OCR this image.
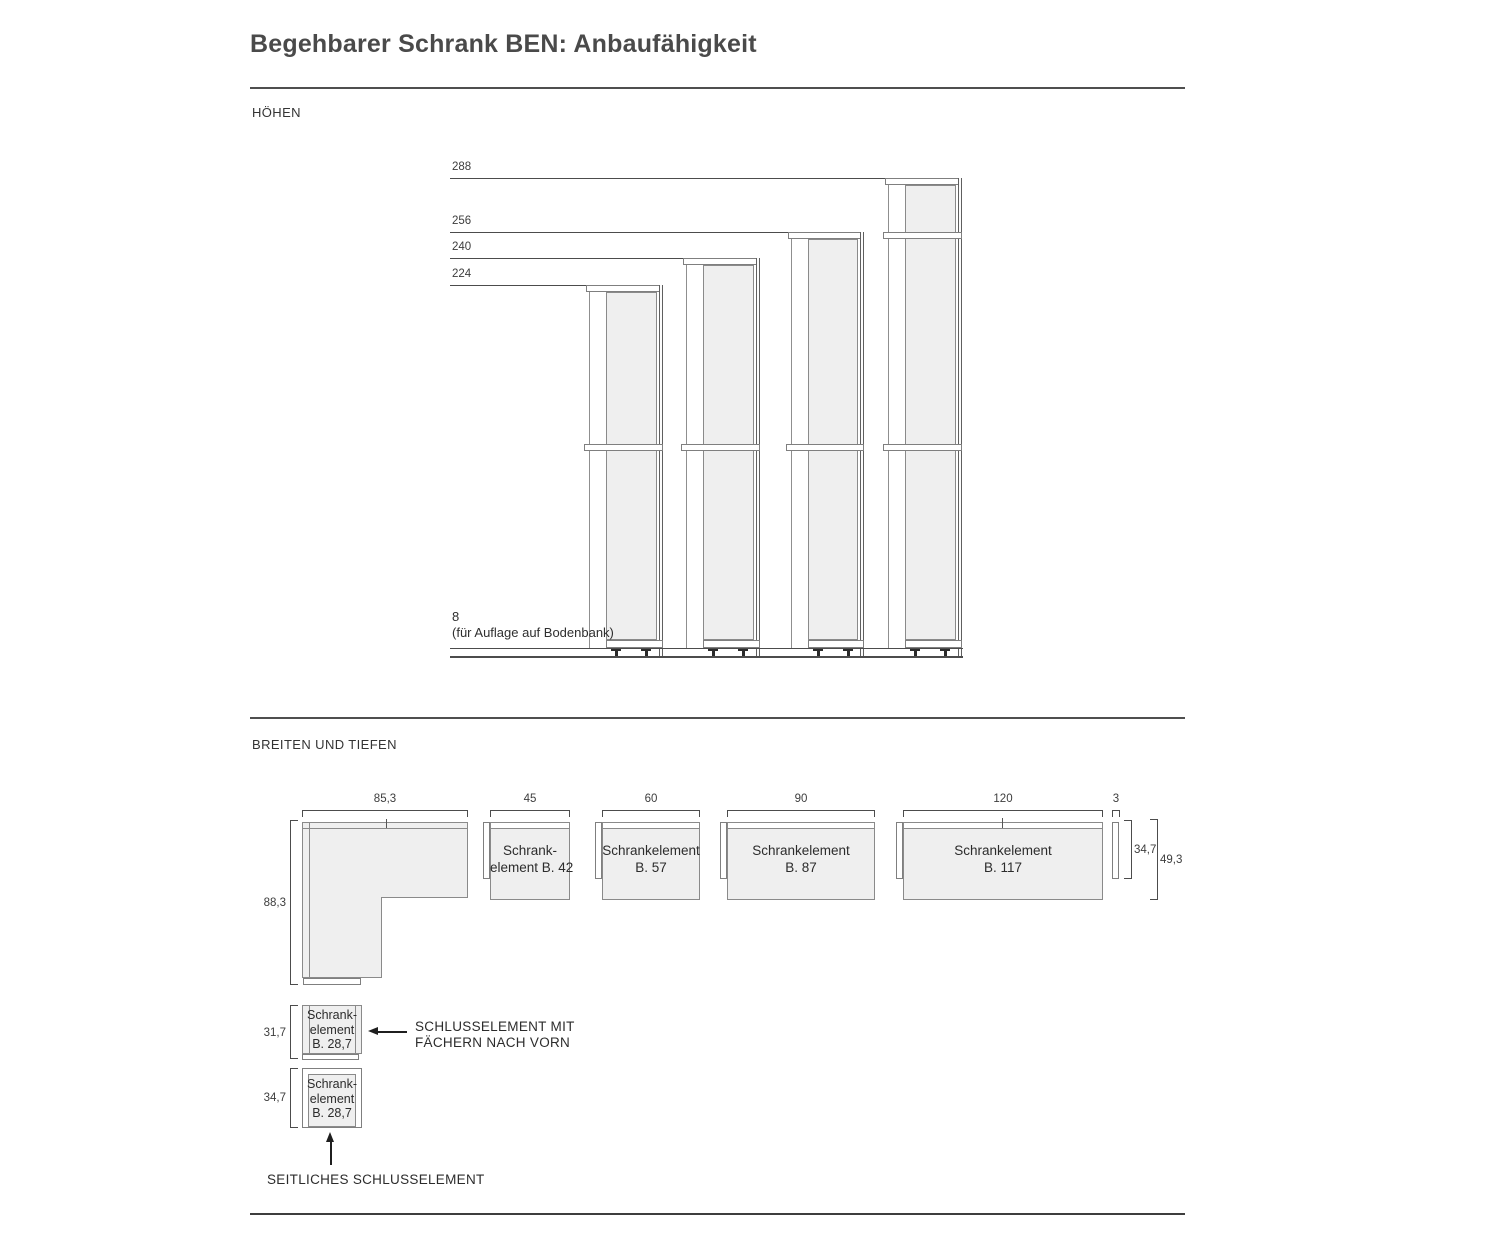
Begehbarer Schrank BEN: Anbaufähigkeit
HÖHEN
288
256
240
224
8
(für Auflage auf Bodenbank)
BREITEN UND TIEFEN
85,3	45	60	90	120	3
88,3
Schrank-
element B. 42
Schrankelement
B. 57
Schrankelement
B. 87
Schrankelement
B. 117
34,7
49,3
Schrank-
element
B. 28,7
31,7
Schrank-
element
B. 28,7
34,7
SCHLUSSELEMENT MIT
FÄCHERN NACH VORN
SEITLICHES SCHLUSSELEMENT
